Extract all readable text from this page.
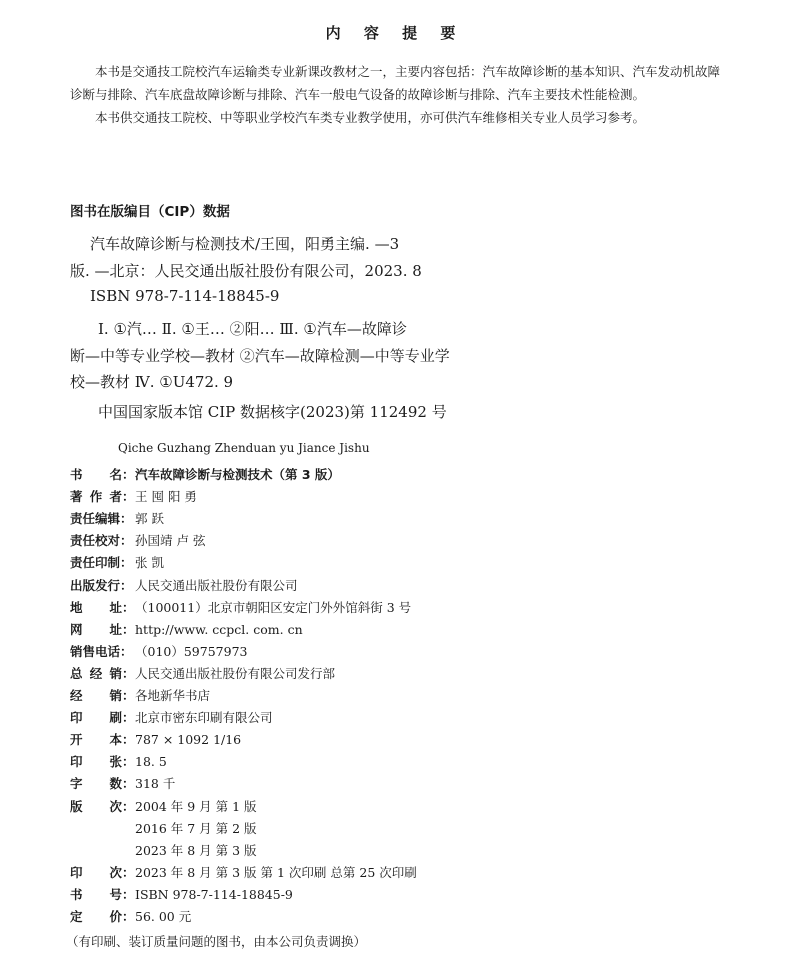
内 容 提 要

本书是交通技工院校汽车运输类专业新课改教材之一，主要内容包括：汽车故障诊断的基本知识、汽车发动机故障诊断与排除、汽车底盘故障诊断与排除、汽车一般电气设备的故障诊断与排除、汽车主要技术性能检测。

本书供交通技工院校、中等职业学校汽车类专业教学使用，亦可供汽车维修相关专业人员学习参考。

图书在版编目（CIP）数据
汽车故障诊断与检测技术/王囤，阳勇主编. —3
版. —北京：人民交通出版社股份有限公司，2023. 8
ISBN 978-7-114-18845-9
Ⅰ. ①汽… Ⅱ. ①王… ②阳… Ⅲ. ①汽车—故障诊
断—中等专业学校—教材 ②汽车—故障检测—中等专业学
校—教材 Ⅳ. ①U472. 9
中国国家版本馆 CIP 数据核字(2023)第 112492 号
Qiche Guzhang Zhenduan yu Jiance Jishu
书 名 ：汽车故障诊断与检测技术（第 3 版）
著 作 者 ：王 囤 阳 勇
责任编辑： 郭 跃
责任校对： 孙国靖 卢 弦
责任印制： 张 凯
出版发行： 人民交通出版社股份有限公司
地 址 ：（100011）北京市朝阳区安定门外外馆斜街 3 号
网 址 ：http://www. ccpcl. com. cn
销售电话： （010）59757973
总 经 销 ：人民交通出版社股份有限公司发行部
经 销 ：各地新华书店
印 刷 ：北京市密东印刷有限公司
开 本 ：787 × 1092 1/16
印 张 ：18. 5
字 数 ：318 千
版 次 ：2004 年 9 月 第 1 版
2016 年 7 月 第 2 版
2023 年 8 月 第 3 版
印 次 ：2023 年 8 月 第 3 版 第 1 次印刷 总第 25 次印刷
书 号 ：ISBN 978-7-114-18845-9
定 价 ：56. 00 元
（有印刷、装订质量问题的图书，由本公司负责调换）
